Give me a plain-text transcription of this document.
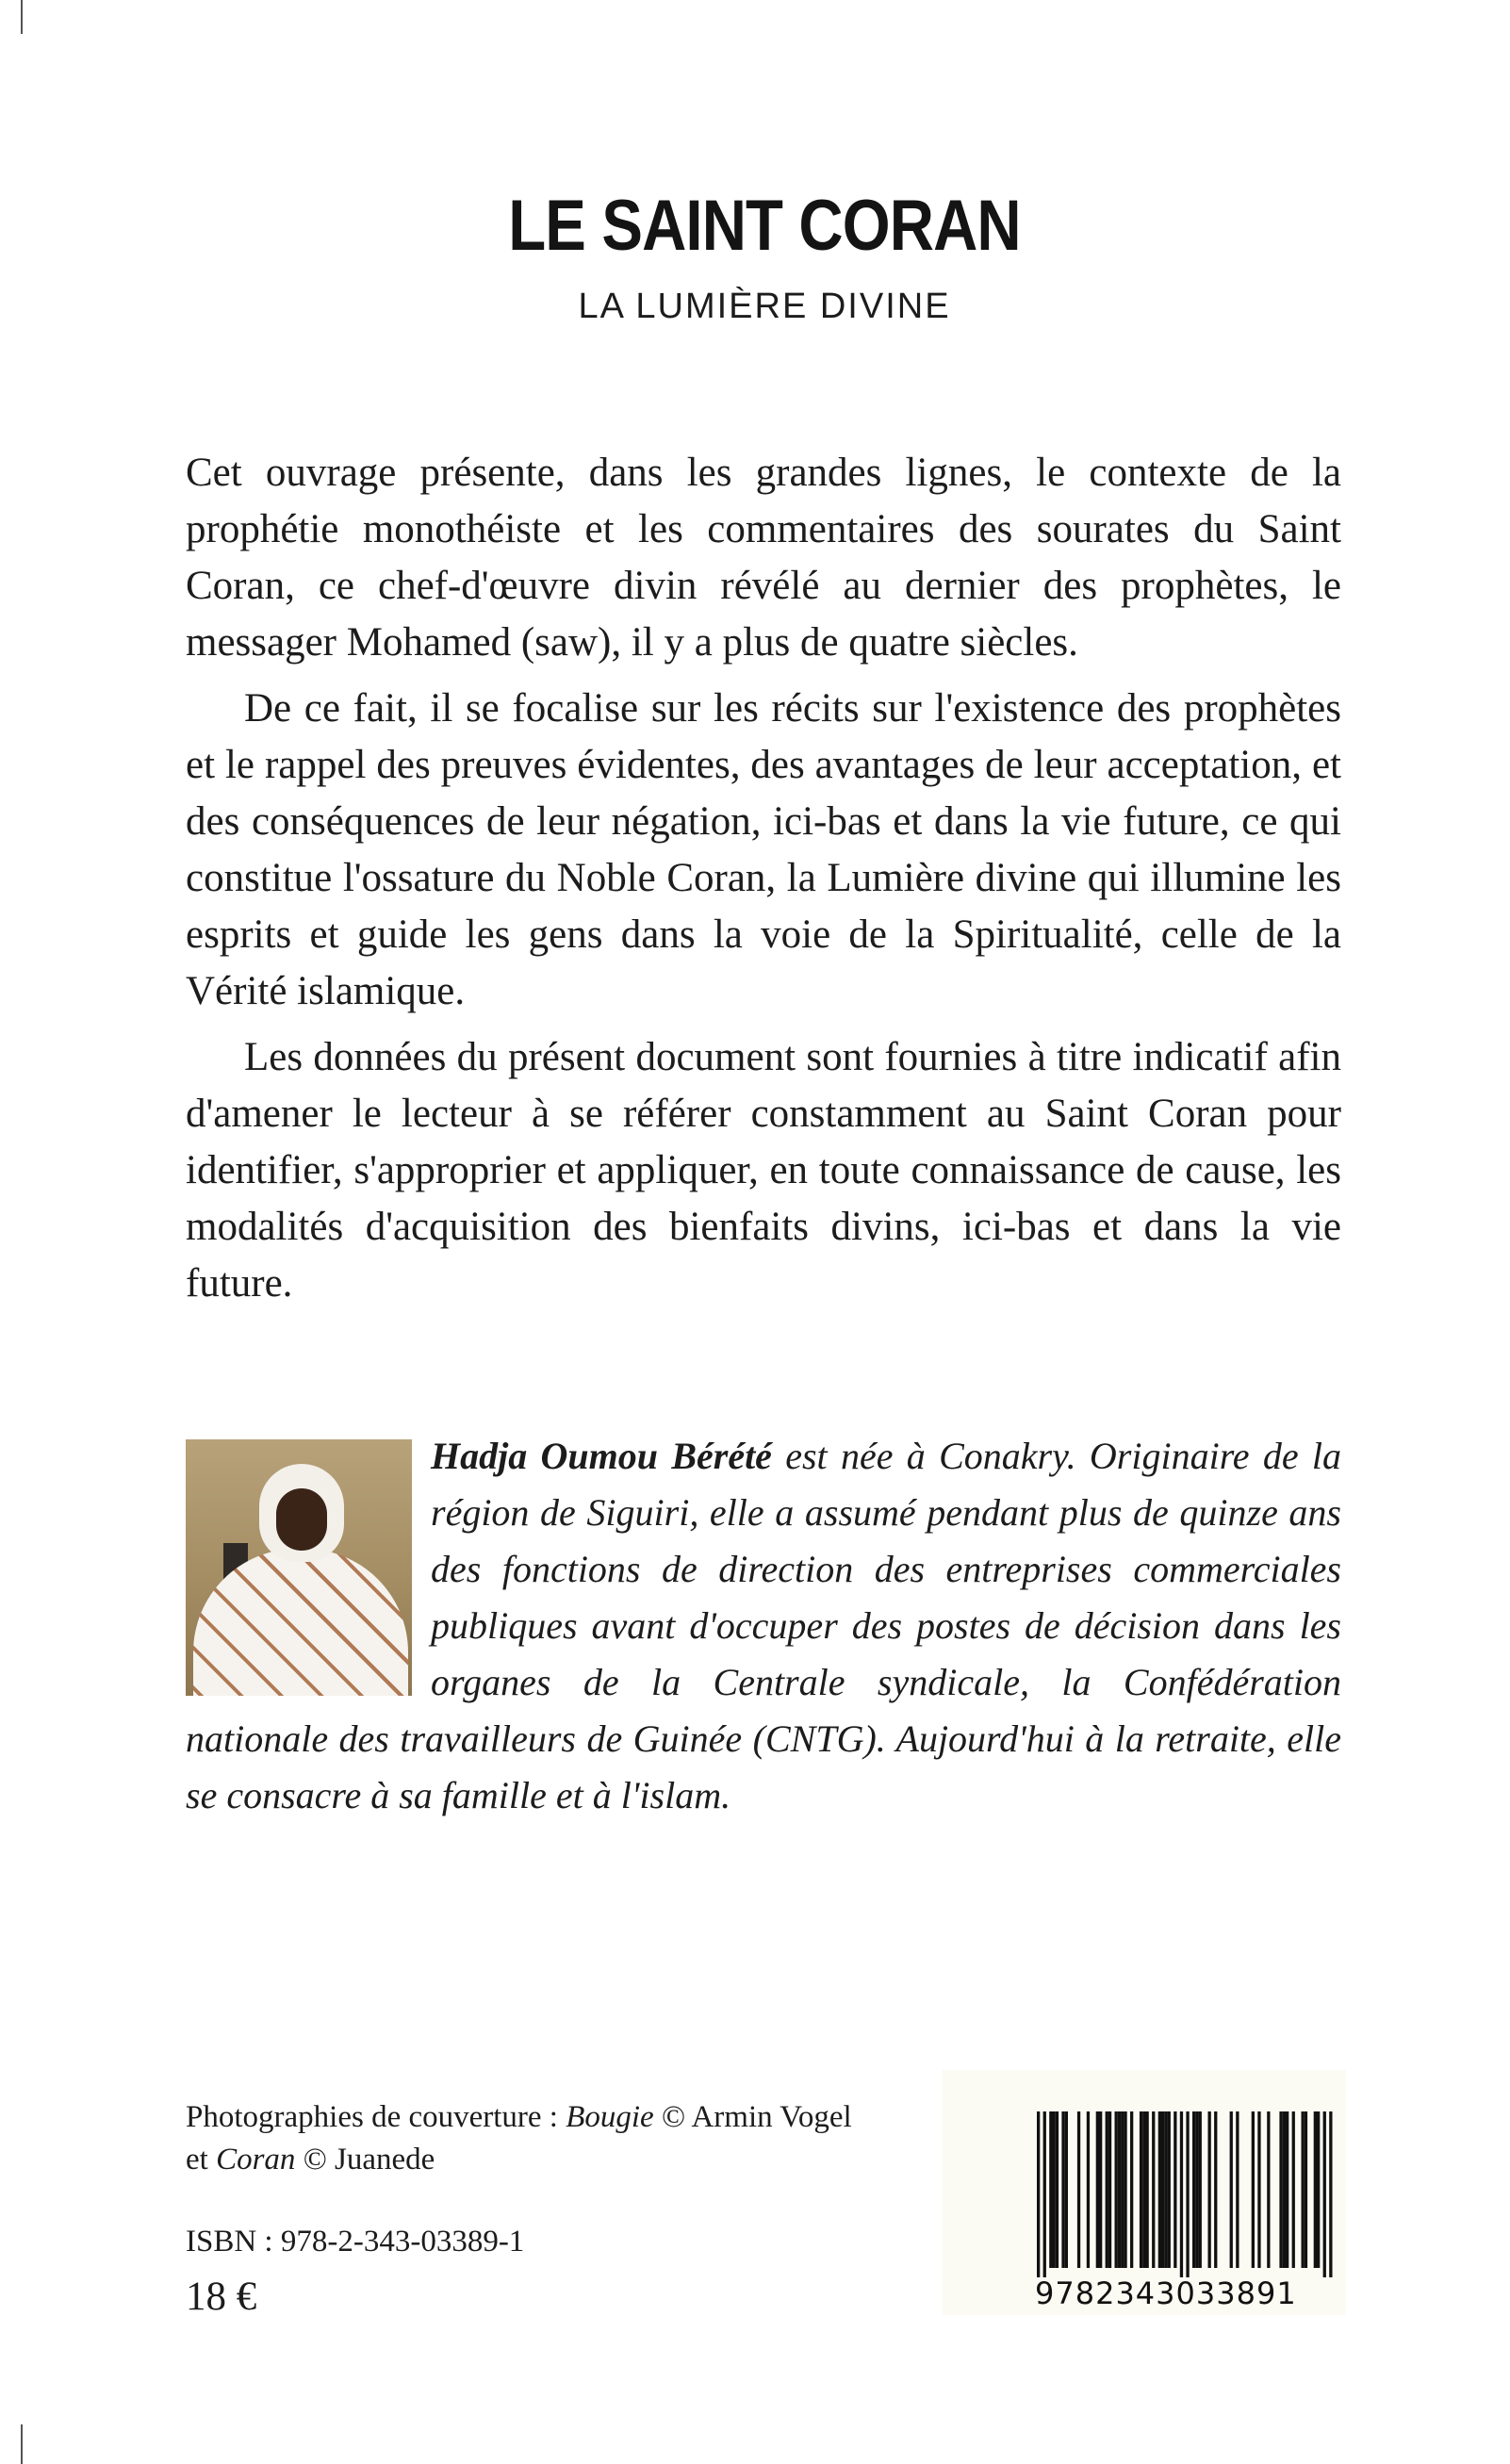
LE SAINT CORAN
LA LUMIÈRE DIVINE

Cet ouvrage présente, dans les grandes lignes, le contexte de la prophétie monothéiste et les commentaires des sourates du Saint Coran, ce chef-d'œuvre divin révélé au dernier des prophètes, le messager Mohamed (saw), il y a plus de quatre siècles.

De ce fait, il se focalise sur les récits sur l'existence des prophètes et le rappel des preuves évidentes, des avantages de leur acceptation, et des conséquences de leur négation, ici-bas et dans la vie future, ce qui constitue l'ossature du Noble Coran, la Lumière divine qui illumine les esprits et guide les gens dans la voie de la Spiritualité, celle de la Vérité islamique.

Les données du présent document sont fournies à titre indicatif afin d'amener le lecteur à se référer constamment au Saint Coran pour identifier, s'approprier et appliquer, en toute connaissance de cause, les modalités d'acquisition des bienfaits divins, ici-bas et dans la vie future.

Hadja Oumou Bérété est née à Conakry. Originaire de la région de Siguiri, elle a assumé pendant plus de quinze ans des fonctions de direction des entreprises commerciales publiques avant d'occuper des postes de décision dans les organes de la Centrale syndicale, la Confédération nationale des travailleurs de Guinée (CNTG). Aujourd'hui à la retraite, elle se consacre à sa famille et à l'islam.
Photographies de couverture : Bougie © Armin Vogel
et Coran © Juanede
ISBN : 978-2-343-03389-1
18 €	9782343033891
